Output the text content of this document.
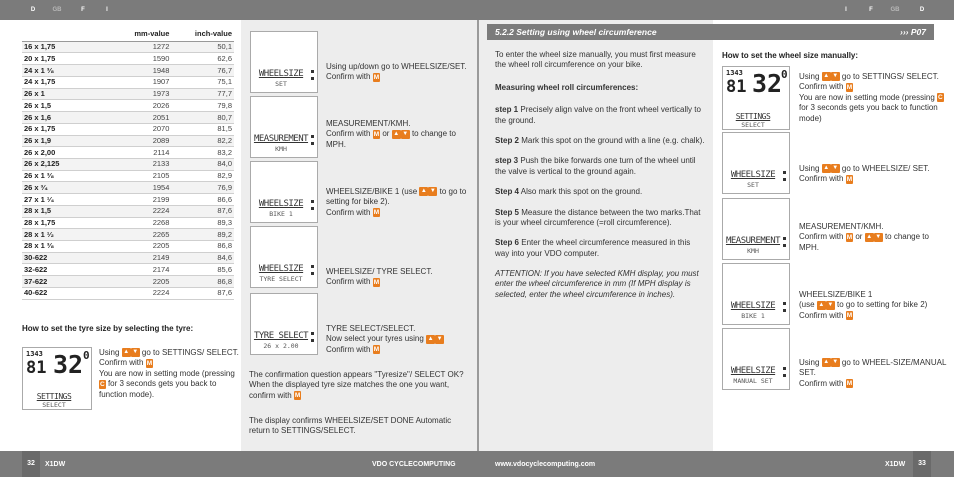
D	GB	F	I	I	F	GB	D
	mm-value	inch-value
16 x 1,75	1272	50,1
20 x 1,75	1590	62,6
24 x 1 ³⁄₈	1948	76,7
24 x 1,75	1907	75,1
26 x 1	1973	77,7
26 x 1,5	2026	79,8
26 x 1,6	2051	80,7
26 x 1,75	2070	81,5
26 x 1,9	2089	82,2
26 x 2,00	2114	83,2
26 x 2,125	2133	84,0
26 x 1 ³⁄₈	2105	82,9
26 x ³⁄₄	1954	76,9
27 x 1 ¹⁄₄	2199	86,6
28 x 1,5	2224	87,6
28 x 1,75	2268	89,3
28 x 1 ¹⁄₂	2265	89,2
28 x 1 ³⁄₈	2205	86,8
30-622	2149	84,6
32-622	2174	85,6
37-622	2205	86,8
40-622	2224	87,6
How to set the tyre size by selecting the tyre:
1343
81 32 0
SETTINGS
SELECT
Using ▲ ▼ go to SETTINGS/ SELECT. Confirm with M
You are now in setting mode (pressing C for 3 seconds gets you back to function mode).
WHEELSIZE
SET
MEASUREMENT
KMH
WHEELSIZE
BIKE 1
WHEELSIZE
TYRE SELECT
TYRE SELECT
26 x 2.00
Using up/down go to WHEELSIZE/SET.
Confirm with M
MEASUREMENT/KMH.
Confirm with M or ▲ ▼ to change to MPH.
WHEELSIZE/BIKE 1 (use ▲ ▼ to go to setting for bike 2).
Confirm with M
WHEELSIZE/ TYRE SELECT.
Confirm with M
TYRE SELECT/SELECT.
Now select your tyres using ▲ ▼ Confirm with M
The confirmation question appears "Tyresize"/ SELECT OK? When the displayed tyre size matches the one you want, confirm with M
The display confirms WHEELSIZE/SET DONE Automatic return to SETTINGS/SELECT.
5.2.2 Setting using wheel circumference	››› P07

To enter the wheel size manually, you must first measure the wheel roll circumference on your bike.

Measuring wheel roll circumferences:

step 1 Precisely align valve on the front wheel vertically to the ground.

Step 2 Mark this spot on the ground with a line (e.g. chalk).

step 3 Push the bike forwards one turn of the wheel until the valve is vertical to the ground again.

Step 4 Also mark this spot on the ground.

Step 5 Measure the distance between the two marks.That is your wheel circumference (=roll circumference).

Step 6 Enter the wheel circumference measured in this way into your VDO computer.

ATTENTION: If you have selected KMH display, you must enter the wheel circumference in mm (If MPH display is selected, enter the wheel circumference in inches).

How to set the wheel size manually:
1343
81 32
0
SETTINGS
SELECT
WHEELSIZE
SET
MEASUREMENT
KMH
WHEELSIZE
BIKE 1
WHEELSIZE
MANUAL SET
Using ▲ ▼ go to SETTINGS/ SELECT. Confirm with M
You are now in setting mode (pressing C for 3 seconds gets you back to function mode)
Using ▲ ▼ go to WHEELSIZE/ SET. Confirm with M
MEASUREMENT/KMH.
Confirm with M or ▲ ▼ to change to MPH.
WHEELSIZE/BIKE 1
(use ▲ ▼ to go to setting for bike 2) Confirm with M
Using ▲ ▼ go to WHEEL-SIZE/MANUAL SET.
Confirm with M
32	X1DW	VDO CYCLECOMPUTING	www.vdocyclecomputing.com	X1DW	33
